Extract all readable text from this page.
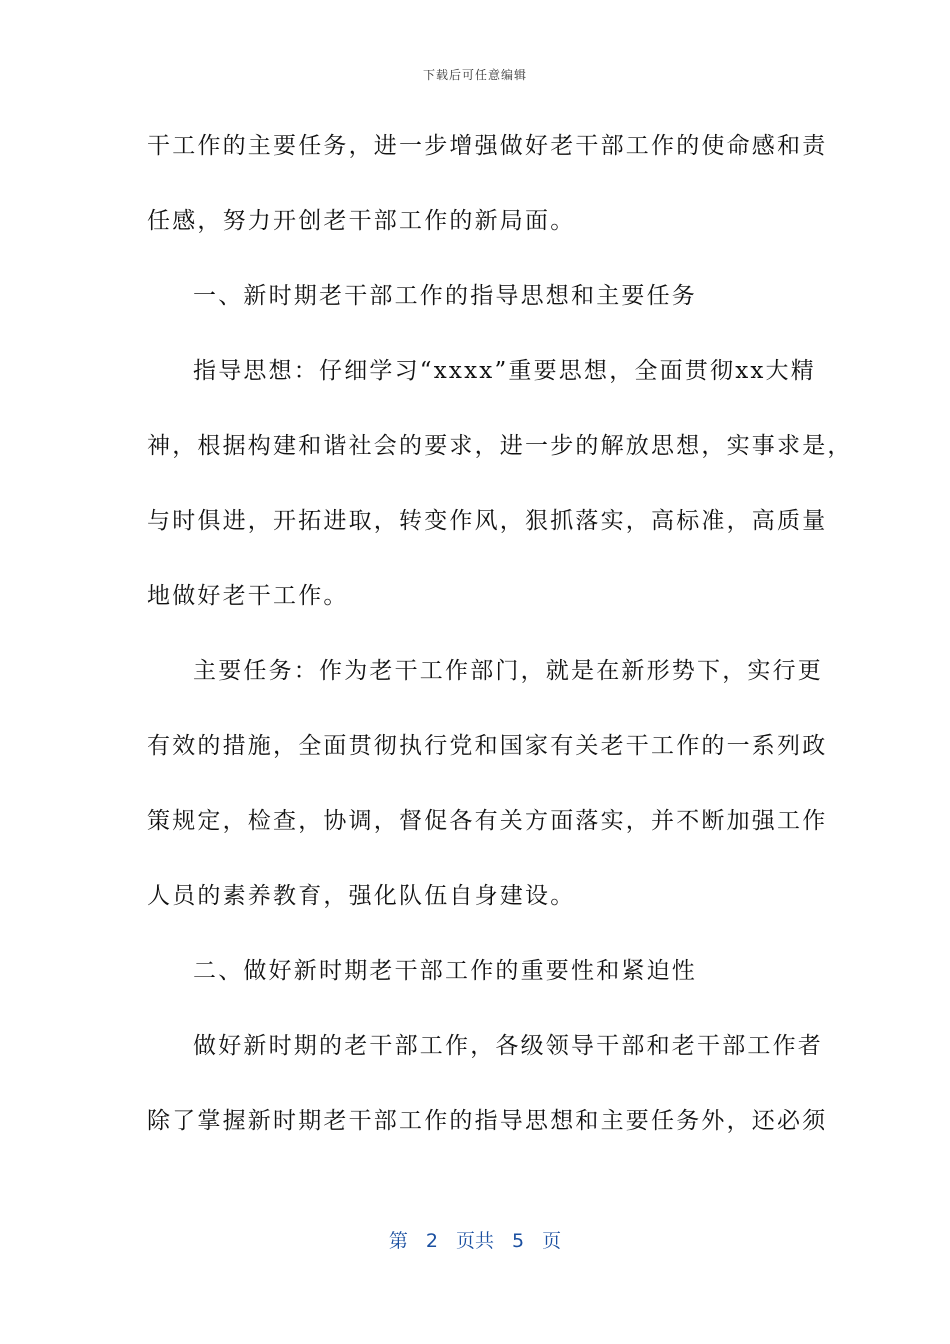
下载后可任意编辑
干工作的主要任务，进一步增强做好老干部工作的使命感和责
任感，努力开创老干部工作的新局面。
一、新时期老干部工作的指导思想和主要任务
指导思想：仔细学习“xxxx”重要思想，全面贯彻xx大精
神，根据构建和谐社会的要求，进一步的解放思想，实事求是，
与时俱进，开拓进取，转变作风，狠抓落实，高标准，高质量
地做好老干工作。
主要任务：作为老干工作部门，就是在新形势下，实行更
有效的措施，全面贯彻执行党和国家有关老干工作的一系列政
策规定，检查，协调，督促各有关方面落实，并不断加强工作
人员的素养教育，强化队伍自身建设。
二、做好新时期老干部工作的重要性和紧迫性
做好新时期的老干部工作，各级领导干部和老干部工作者
除了掌握新时期老干部工作的指导思想和主要任务外，还必须
第 2 页共 5 页
